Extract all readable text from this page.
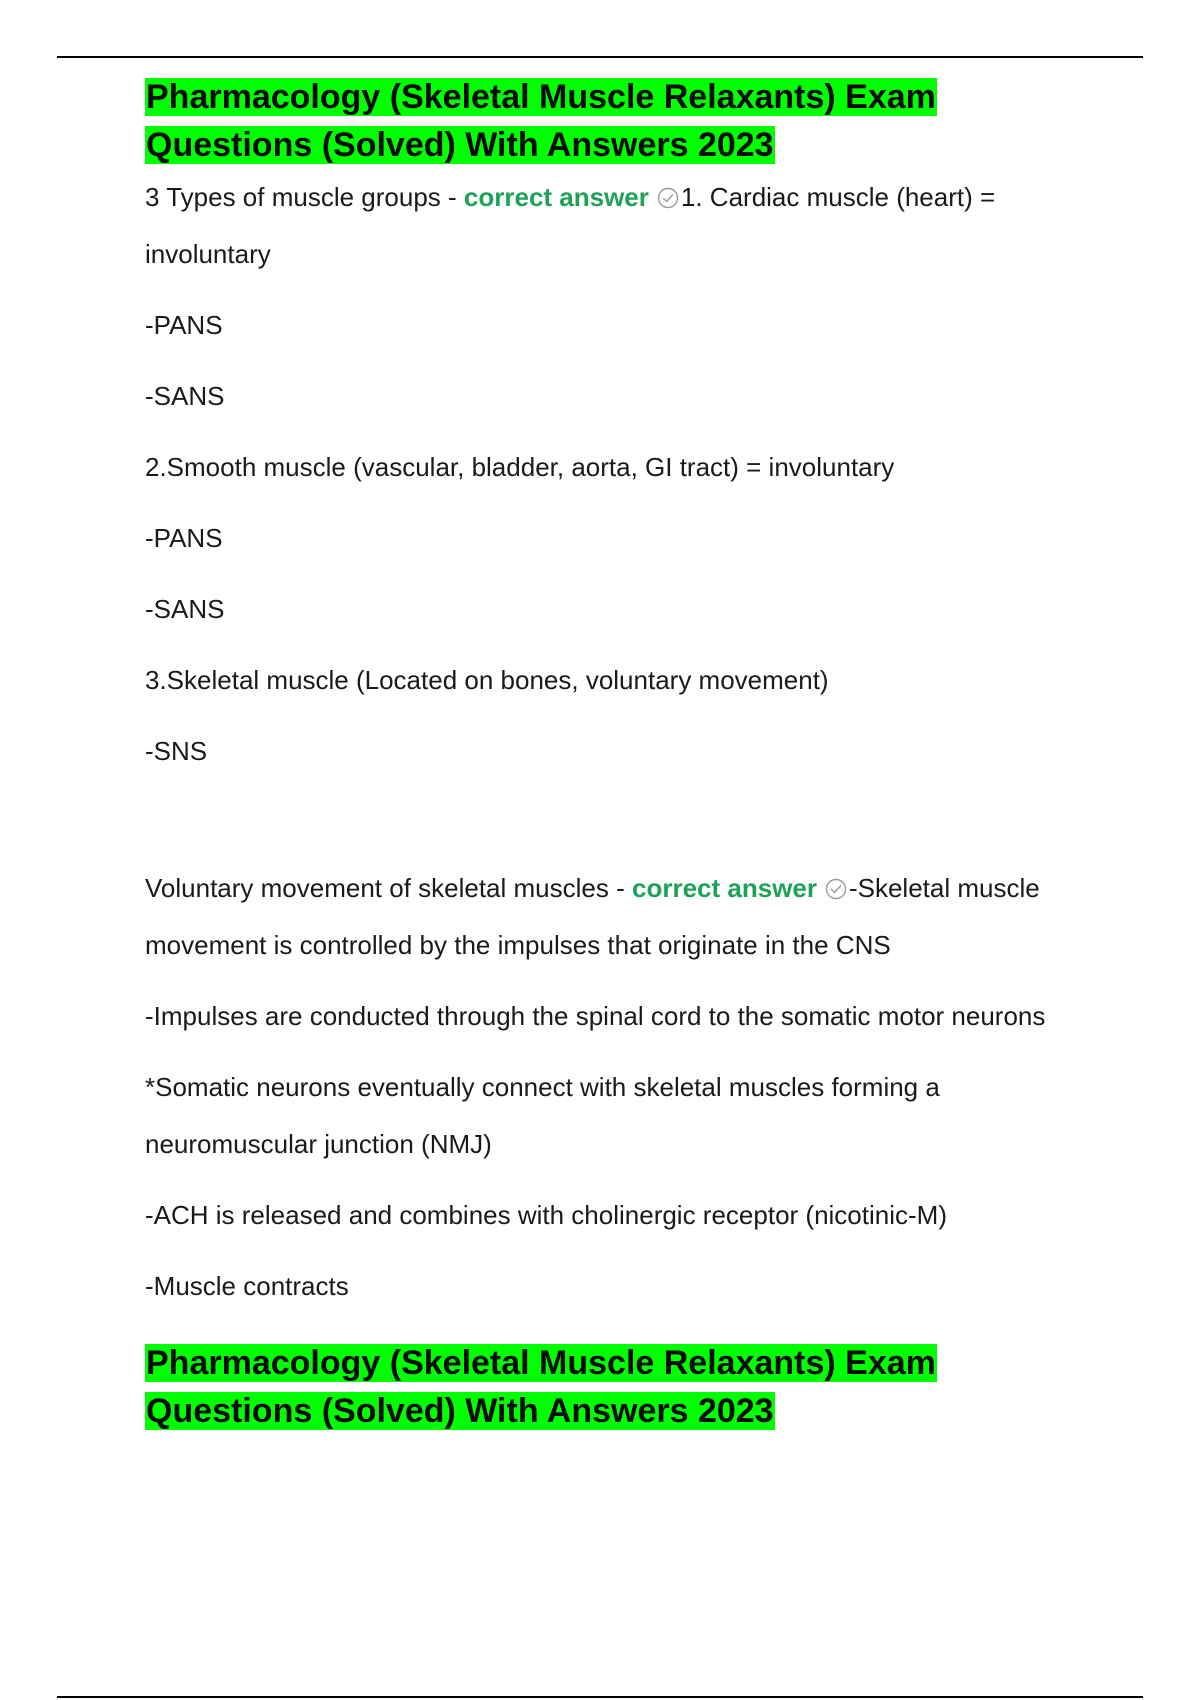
Pharmacology (Skeletal Muscle Relaxants) Exam Questions (Solved) With Answers 2023

3 Types of muscle groups - correct answer 1. Cardiac muscle (heart) = involuntary

-PANS

-SANS

2.Smooth muscle (vascular, bladder, aorta, GI tract) = involuntary

-PANS

-SANS

3.Skeletal muscle (Located on bones, voluntary movement)

-SNS

Voluntary movement of skeletal muscles - correct answer -Skeletal muscle movement is controlled by the impulses that originate in the CNS

-Impulses are conducted through the spinal cord to the somatic motor neurons

*Somatic neurons eventually connect with skeletal muscles forming a neuromuscular junction (NMJ)

-ACH is released and combines with cholinergic receptor (nicotinic-M)

-Muscle contracts

Pharmacology (Skeletal Muscle Relaxants) Exam Questions (Solved) With Answers 2023
